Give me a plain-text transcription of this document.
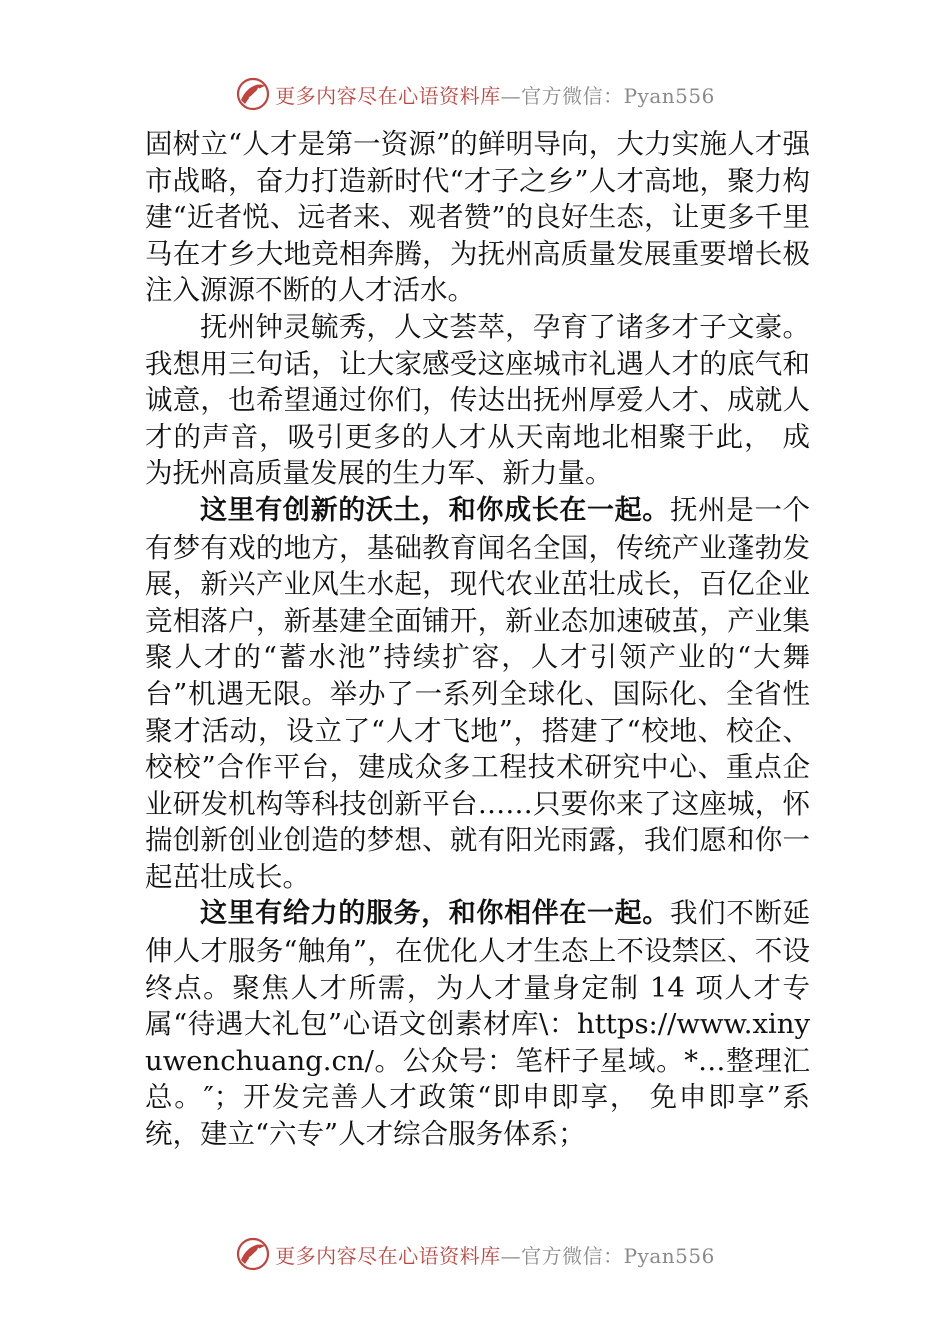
更多内容尽在心语资料库—官方微信：Pyan556

固树立“人才是第一资源”的鲜明导向，大力实施人才强市战略，奋力打造新时代“才子之乡”人才高地，聚力构建“近者悦、远者来、观者赞”的良好生态，让更多千里马在才乡大地竞相奔腾，为抚州高质量发展重要增长极注入源源不断的人才活水。

抚州钟灵毓秀，人文荟萃，孕育了诸多才子文豪。我想用三句话，让大家感受这座城市礼遇人才的底气和诚意，也希望通过你们，传达出抚州厚爱人才、成就人才的声音，吸引更多的人才从天南地北相聚于此， 成为抚州高质量发展的生力军、新力量。

这里有创新的沃土，和你成长在一起。抚州是一个有梦有戏的地方，基础教育闻名全国，传统产业蓬勃发展，新兴产业风生水起，现代农业茁壮成长，百亿企业竞相落户，新基建全面铺开，新业态加速破茧，产业集聚人才的“蓄水池”持续扩容，人才引领产业的“大舞台”机遇无限。举办了一系列全球化、国际化、全省性聚才活动，设立了“人才飞地”，搭建了“校地、校企、校校”合作平台，建成众多工程技术研究中心、重点企业研发机构等科技创新平台……只要你来了这座城，怀揣创新创业创造的梦想、就有阳光雨露，我们愿和你一起茁壮成长。

这里有给力的服务，和你相伴在一起。我们不断延伸人才服务“触角”，在优化人才生态上不设禁区、不设终点。聚焦人才所需，为人才量身定制 14 项人才专属“待遇大礼包”心语文创素材库\：https://www.xinyuwenchuang.cn/。公众号：笔杆子星域。*…整理汇总。″；开发完善人才政策“即申即享， 免申即享”系统，建立“六专”人才综合服务体系；

更多内容尽在心语资料库—官方微信：Pyan556
